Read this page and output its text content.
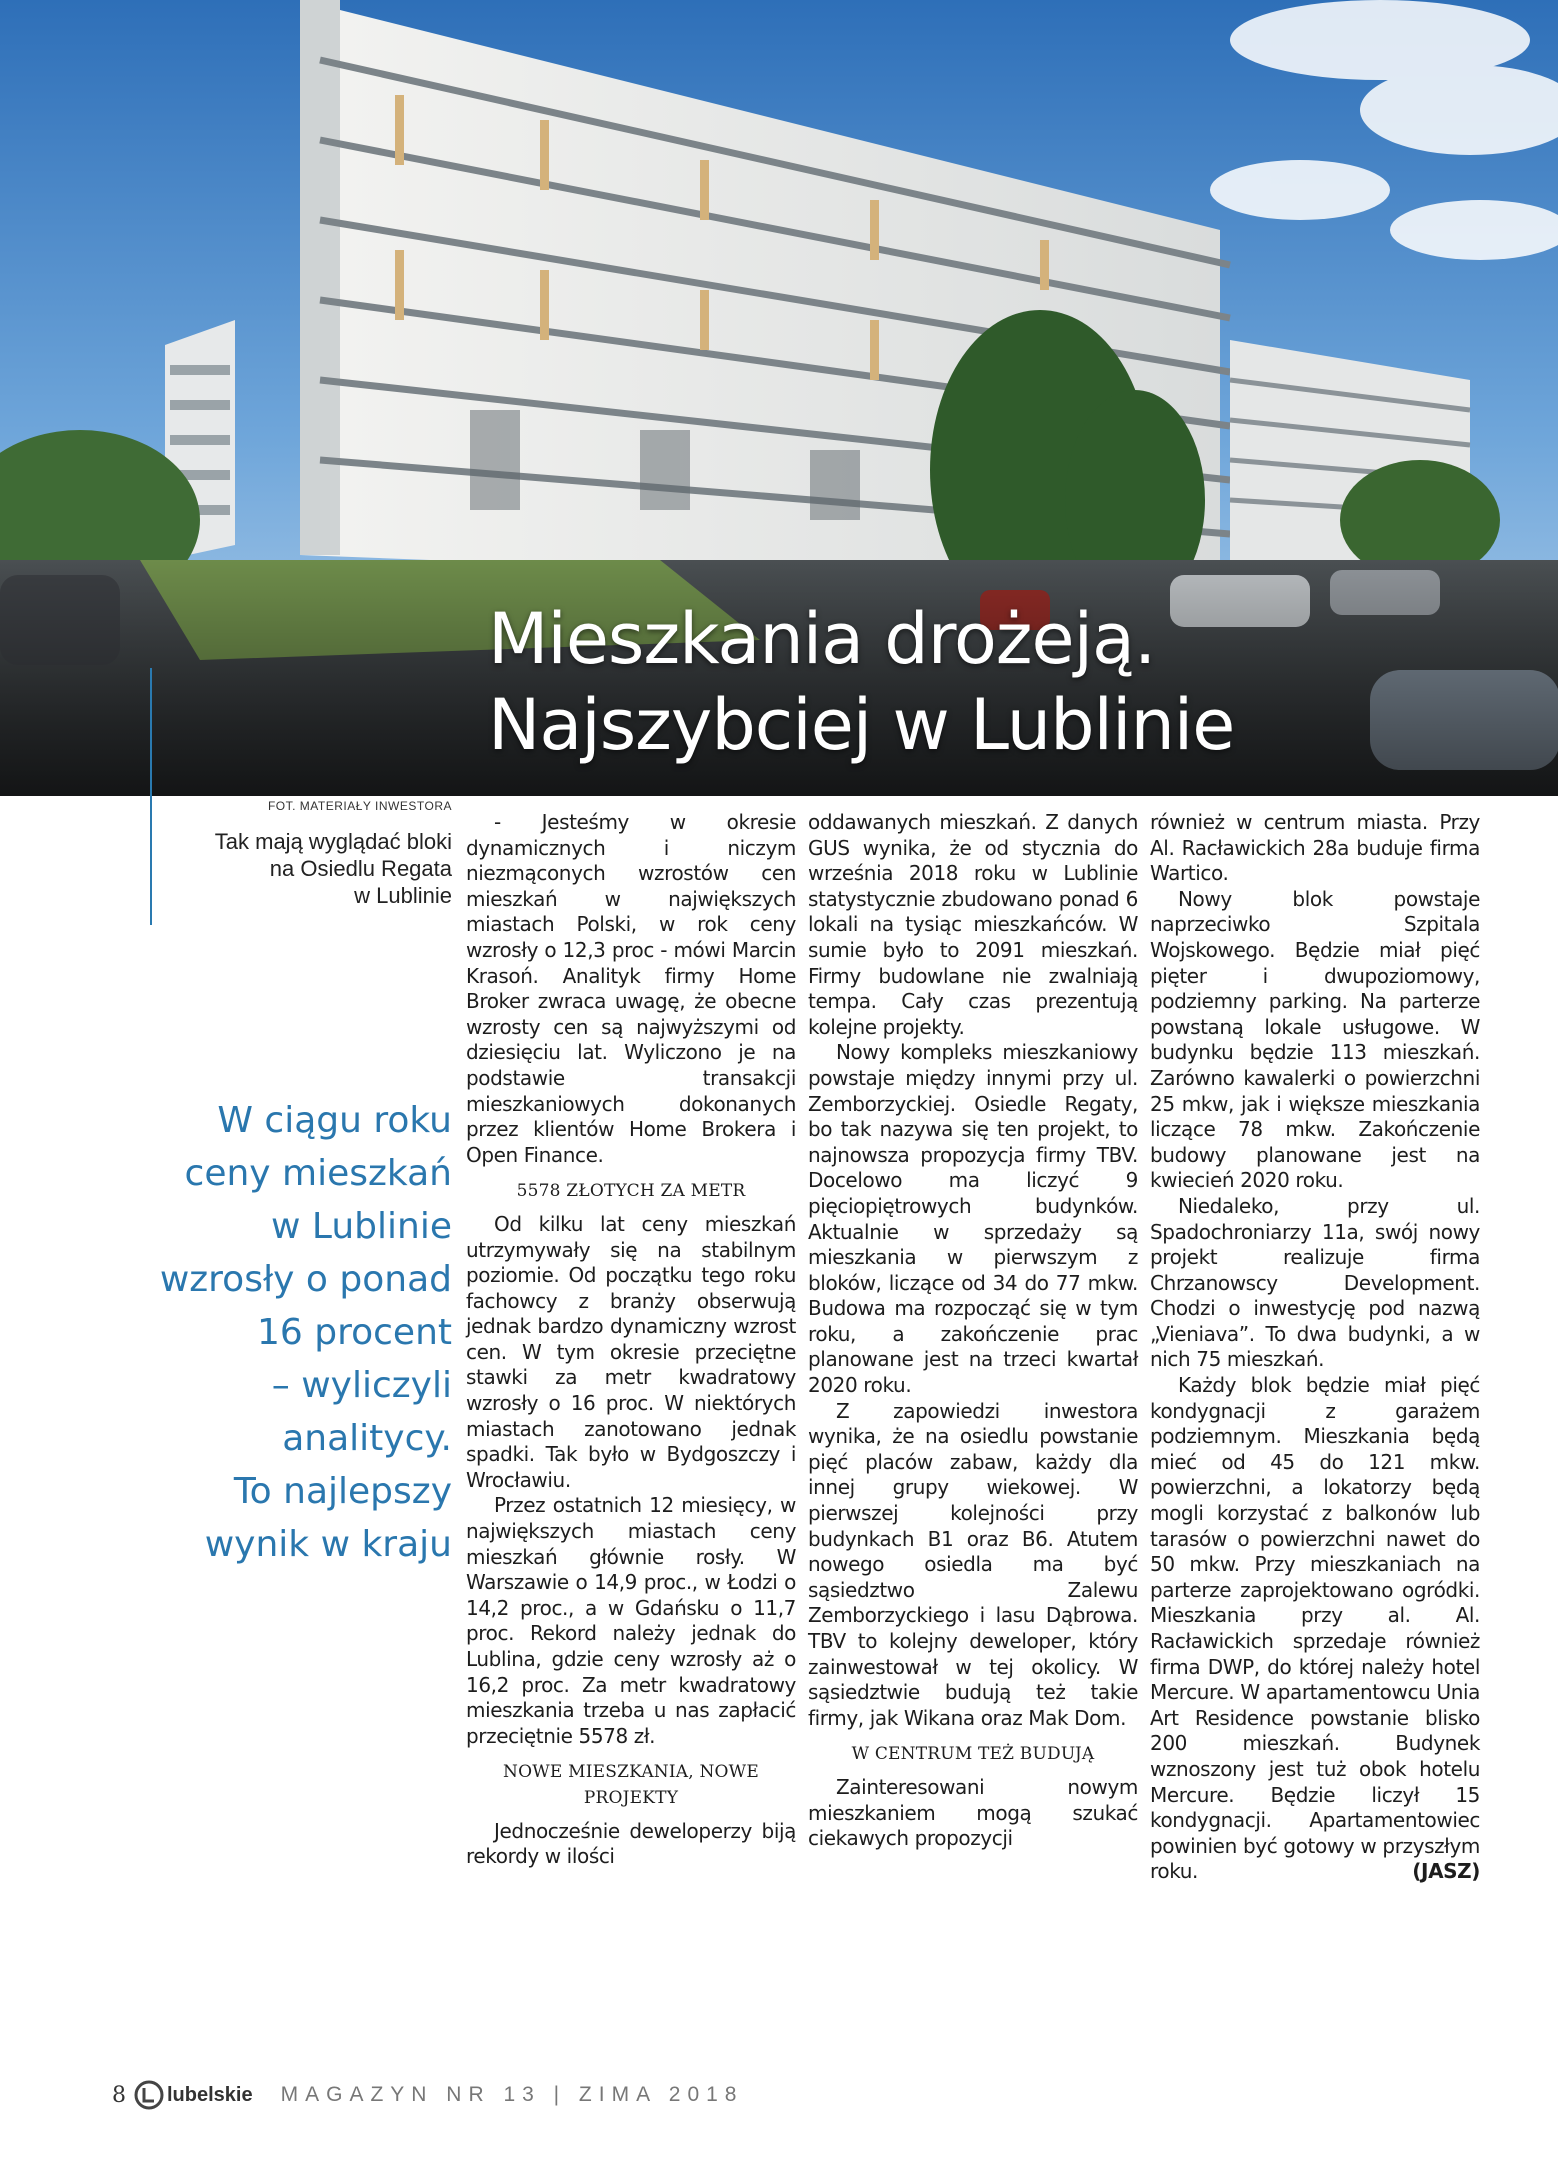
Mieszkania drożeją.
Najszybciej w Lublinie
FOT. MATERIAŁY INWESTORA
Tak mają wyglądać bloki
na Osiedlu Regata
w Lublinie
W ciągu roku
ceny mieszkań
w Lublinie
wzrosły o ponad
16 procent
– wyliczyli
analitycy.
To najlepszy
wynik w kraju

- Jesteśmy w okresie dynamicznych i niczym niezmąconych wzrostów cen mieszkań w największych miastach Polski, w rok ceny wzrosły o 12,3 proc - mówi Marcin Krasoń. Analityk firmy Home Broker zwraca uwagę, że obecne wzrosty cen są najwyższymi od dziesięciu lat. Wyliczono je na podstawie transakcji mieszkaniowych dokonanych przez klientów Home Brokera i Open Finance.

5578 ZŁOTYCH ZA METR

Od kilku lat ceny mieszkań utrzymywały się na stabilnym poziomie. Od początku tego roku fachowcy z branży obserwują jednak bardzo dynamiczny wzrost cen. W tym okresie przeciętne stawki za metr kwadratowy wzrosły o 16 proc. W niektórych miastach zanotowano jednak spadki. Tak było w Bydgoszczy i Wrocławiu.

Przez ostatnich 12 miesięcy, w największych miastach ceny mieszkań głównie rosły. W Warszawie o 14,9 proc., w Łodzi o 14,2 proc., a w Gdańsku o 11,7 proc. Rekord należy jednak do Lublina, gdzie ceny wzrosły aż o 16,2 proc. Za metr kwadratowy mieszkania trzeba u nas zapłacić przeciętnie 5578 zł.

NOWE MIESZKANIA, NOWE PROJEKTY

Jednocześnie deweloperzy biją rekordy w ilości

oddawanych mieszkań. Z danych GUS wynika, że od stycznia do września 2018 roku w Lublinie statystycznie zbudowano ponad 6 lokali na tysiąc mieszkańców. W sumie było to 2091 mieszkań. Firmy budowlane nie zwalniają tempa. Cały czas prezentują kolejne projekty.

Nowy kompleks mieszkaniowy powstaje między innymi przy ul. Zemborzyckiej. Osiedle Regaty, bo tak nazywa się ten projekt, to najnowsza propozycja firmy TBV. Docelowo ma liczyć 9 pięciopiętrowych budynków. Aktualnie w sprzedaży są mieszkania w pierwszym z bloków, liczące od 34 do 77 mkw. Budowa ma rozpocząć się w tym roku, a zakończenie prac planowane jest na trzeci kwartał 2020 roku.

Z zapowiedzi inwestora wynika, że na osiedlu powstanie pięć placów zabaw, każdy dla innej grupy wiekowej. W pierwszej kolejności przy budynkach B1 oraz B6. Atutem nowego osiedla ma być sąsiedztwo Zalewu Zemborzyckiego i lasu Dąbrowa. TBV to kolejny deweloper, który zainwestował w tej okolicy. W sąsiedztwie budują też takie firmy, jak Wikana oraz Mak Dom.

W CENTRUM TEŻ BUDUJĄ

Zainteresowani nowym mieszkaniem mogą szukać ciekawych propozycji

również w centrum miasta. Przy Al. Racławickich 28a buduje firma Wartico.

Nowy blok powstaje naprzeciwko Szpitala Wojskowego. Będzie miał pięć pięter i dwupoziomowy, podziemny parking. Na parterze powstaną lokale usługowe. W budynku będzie 113 mieszkań. Zarówno kawalerki o powierzchni 25 mkw, jak i większe mieszkania liczące 78 mkw. Zakończenie budowy planowane jest na kwiecień 2020 roku.

Niedaleko, przy ul. Spadochroniarzy 11a, swój nowy projekt realizuje firma Chrzanowscy Development. Chodzi o inwestycję pod nazwą „Vieniava”. To dwa budynki, a w nich 75 mieszkań.

Każdy blok będzie miał pięć kondygnacji z garażem podziemnym. Mieszkania będą mieć od 45 do 121 mkw. powierzchni, a lokatorzy będą mogli korzystać z balkonów lub tarasów o powierzchni nawet do 50 mkw. Przy mieszkaniach na parterze zaprojektowano ogródki. Mieszkania przy al. Al. Racławickich sprzedaje również firma DWP, do której należy hotel Mercure. W apartamentowcu Unia Art Residence powstanie blisko 200 mieszkań. Budynek wznoszony jest tuż obok hotelu Mercure. Będzie liczył 15 kondygnacji. Apartamentowiec powinien być gotowy w przyszłym roku.	(JASZ)

8 lubelskie MAGAZYN NR 13 | ZIMA 2018
